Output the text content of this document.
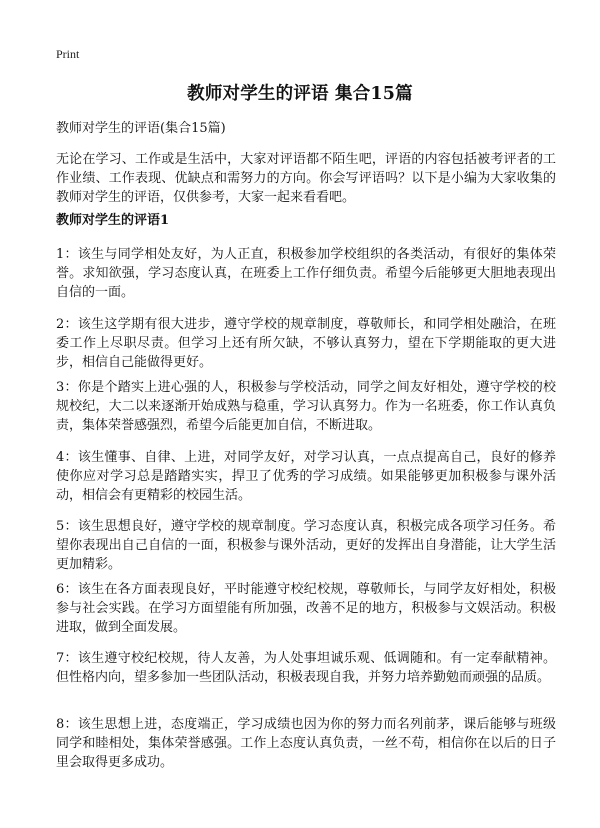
Print
教师对学生的评语 集合15篇
教师对学生的评语(集合15篇)
无论在学习、工作或是生活中，大家对评语都不陌生吧，评语的内容包括被考评者的工作业绩、工作表现、优缺点和需努力的方向。你会写评语吗？以下是小编为大家收集的教师对学生的评语，仅供参考，大家一起来看看吧。
教师对学生的评语1

1：该生与同学相处友好，为人正直，积极参加学校组织的各类活动，有很好的集体荣誉。求知欲强，学习态度认真，在班委上工作仔细负责。希望今后能够更大胆地表现出自信的一面。

2：该生这学期有很大进步，遵守学校的规章制度，尊敬师长，和同学相处融洽，在班委工作上尽职尽责。但学习上还有所欠缺，不够认真努力，望在下学期能取的更大进步，相信自己能做得更好。

3：你是个踏实上进心强的人，积极参与学校活动，同学之间友好相处，遵守学校的校规校纪，大二以来逐渐开始成熟与稳重，学习认真努力。作为一名班委，你工作认真负责，集体荣誉感强烈，希望今后能更加自信，不断进取。

4：该生懂事、自律、上进，对同学友好，对学习认真，一点点提高自己，良好的修养使你应对学习总是踏踏实实，捍卫了优秀的学习成绩。如果能够更加积极参与课外活动，相信会有更精彩的校园生活。

5：该生思想良好，遵守学校的规章制度。学习态度认真，积极完成各项学习任务。希望你表现出自己自信的一面，积极参与课外活动，更好的发挥出自身潜能，让大学生活更加精彩。

6：该生在各方面表现良好，平时能遵守校纪校规，尊敬师长，与同学友好相处，积极参与社会实践。在学习方面望能有所加强，改善不足的地方，积极参与文娱活动。积极进取，做到全面发展。

7：该生遵守校纪校规，待人友善，为人处事坦诚乐观、低调随和。有一定奉献精神。但性格内向，望多参加一些团队活动，积极表现自我，并努力培养勤勉而顽强的品质。

8：该生思想上进，态度端正，学习成绩也因为你的努力而名列前茅，课后能够与班级同学和睦相处，集体荣誉感强。工作上态度认真负责，一丝不苟，相信你在以后的日子里会取得更多成功。
